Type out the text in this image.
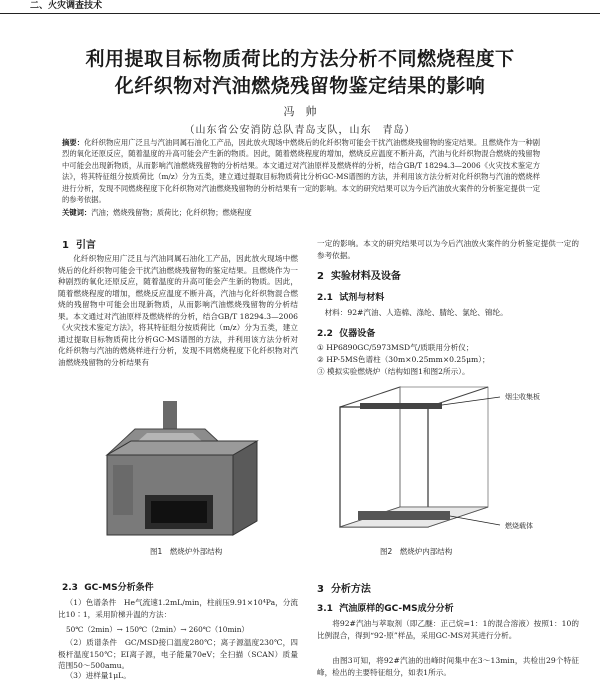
二、火灾调查技术
利用提取目标物质荷比的方法分析不同燃烧程度下
化纤织物对汽油燃烧残留物鉴定结果的影响
冯　帅
（山东省公安消防总队青岛支队，山东　青岛）
摘要：化纤织物应用广泛且与汽油同属石油化工产品，因此放火现场中燃烧后的化纤织物可能会干扰汽油燃烧残留物的鉴定结果。且燃烧作为一种剧烈的氧化还原反应，随着温度的升高可能会产生新的物质。因此，随着燃烧程度的增加，燃烧反应温度不断升高，汽油与化纤织物混合燃烧的残留物中可能会出现新物质，从而影响汽油燃烧残留物的分析结果。本文通过对汽油原样及燃烧样的分析，结合GB/T 18294.3—2006《火灾技术鉴定方法》，将其特征组分按质荷比（m/z）分为五类，建立通过提取目标物质荷比分析GC-MS谱图的方法，并利用该方法分析对化纤织物与汽油的燃烧样进行分析，发现不同燃烧程度下化纤织物对汽油燃烧残留物的分析结果有一定的影响。本文的研究结果可以为今后汽油放火案件的分析鉴定提供一定的参考依据。
关键词：汽油；燃烧残留物；质荷比；化纤织物；燃烧程度
1 引言
化纤织物应用广泛且与汽油同属石油化工产品，因此放火现场中燃烧后的化纤织物可能会干扰汽油燃烧残留物的鉴定结果。且燃烧作为一种剧烈的氧化还原反应，随着温度的升高可能会产生新的物质。因此，随着燃烧程度的增加，燃烧反应温度不断升高，汽油与化纤织物混合燃烧的残留物中可能会出现新物质，从而影响汽油燃烧残留物的分析结果。本文通过对汽油原样及燃烧样的分析，结合GB/T 18294.3—2006《火灾技术鉴定方法》，将其特征组分按质荷比（m/z）分为五类，建立通过提取目标物质荷比分析GC-MS谱图的方法，并利用该方法分析对化纤织物与汽油的燃烧样进行分析，发现不同燃烧程度下化纤织物对汽油燃烧残留物的分析结果有
一定的影响。本文的研究结果可以为今后汽油放火案件的分析鉴定提供一定的参考依据。
2 实验材料及设备
2.1 试剂与材料
材料：92#汽油、人造棉、涤纶、腈纶、氯纶、锦纶。
2.2 仪器设备
① HP6890GC/5973MSD气/质联用分析仪；
② HP-5MS色谱柱（30m×0.25mm×0.25μm）；
③ 模拟实验燃烧炉（结构如图1和图2所示）。
图1　燃烧炉外部结构
烟尘收集板
燃烧载体
图2　燃烧炉内部结构
2.3 GC-MS分析条件
（1）色谱条件　He气流速1.2mL/min，柱前压9.91×10⁴Pa，分流比10∶1，采用阶梯升温的方法：
50℃（2min）→ 150℃（2min）→ 260℃（10min）
（2）质谱条件　GC/MSD接口温度280℃；离子源温度230℃，四极杆温度150℃；EI离子源，电子能量70eV；全扫描（SCAN）质量范围50～500amu。
（3）进样量1μL。
3 分析方法
3.1 汽油原样的GC-MS成分分析
将92#汽油与萃取剂（即乙醚：正己烷=1：1的混合溶液）按照1：10的比例混合，得到“92-原”样品，采用GC-MS对其进行分析。
由图3可知，将92#汽油的出峰时间集中在3～13min，共检出29个特征峰，检出的主要特征组分，如表1所示。
